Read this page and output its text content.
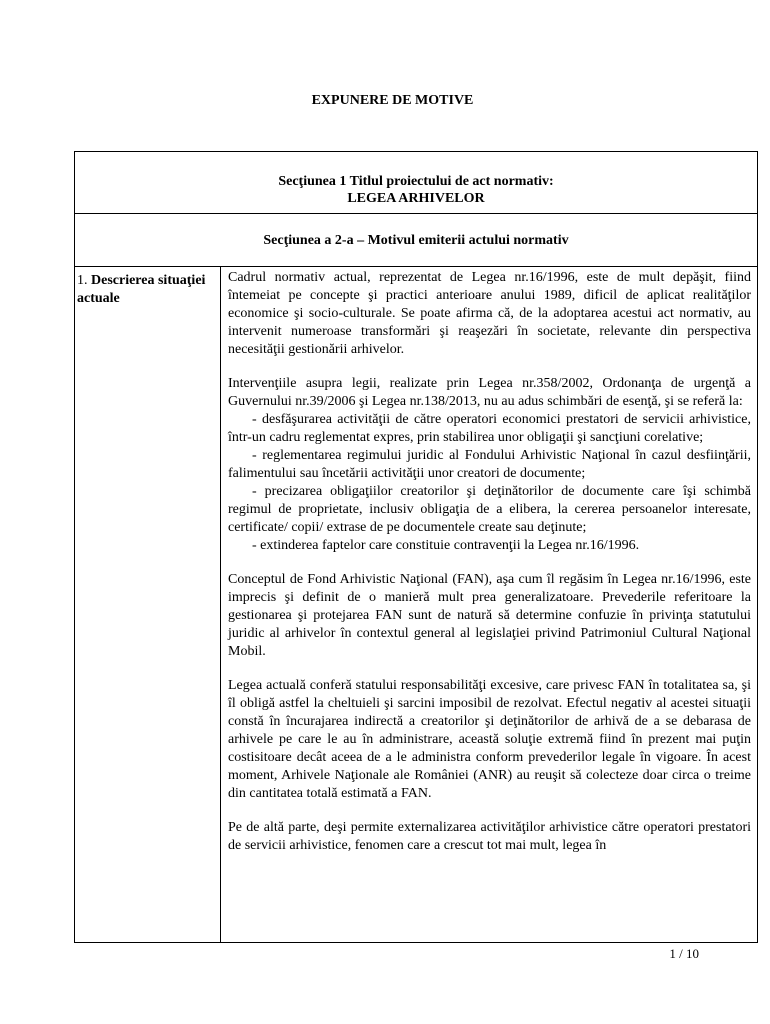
EXPUNERE DE MOTIVE
Secţiunea 1 Titlul proiectului de act normativ:
LEGEA ARHIVELOR
Secţiunea a 2-a – Motivul emiterii actului normativ
1. Descrierea situaţiei actuale

Cadrul normativ actual, reprezentat de Legea nr.16/1996, este de mult depăşit, fiind întemeiat pe concepte şi practici anterioare anului 1989, dificil de aplicat realităţilor economice şi socio-culturale. Se poate afirma că, de la adoptarea acestui act normativ, au intervenit numeroase transformări şi reaşezări în societate, relevante din perspectiva necesităţii gestionării arhivelor.

Intervenţiile asupra legii, realizate prin Legea nr.358/2002, Ordonanţa de urgenţă a Guvernului nr.39/2006 şi Legea nr.138/2013, nu au adus schimbări de esenţă, şi se referă la:

- desfăşurarea activităţii de către operatori economici prestatori de servicii arhivistice, într-un cadru reglementat expres, prin stabilirea unor obligaţii şi sancţiuni corelative;

- reglementarea regimului juridic al Fondului Arhivistic Naţional în cazul desfiinţării, falimentului sau încetării activităţii unor creatori de documente;

- precizarea obligaţiilor creatorilor şi deţinătorilor de documente care îşi schimbă regimul de proprietate, inclusiv obligaţia de a elibera, la cererea persoanelor interesate, certificate/ copii/ extrase de pe documentele create sau deţinute;

- extinderea faptelor care constituie contravenţii la Legea nr.16/1996.

Conceptul de Fond Arhivistic Naţional (FAN), aşa cum îl regăsim în Legea nr.16/1996, este imprecis şi definit de o manieră mult prea generalizatoare. Prevederile referitoare la gestionarea şi protejarea FAN sunt de natură să determine confuzie în privinţa statutului juridic al arhivelor în contextul general al legislaţiei privind Patrimoniul Cultural Naţional Mobil.

Legea actuală conferă statului responsabilităţi excesive, care privesc FAN în totalitatea sa, şi îl obligă astfel la cheltuieli şi sarcini imposibil de rezolvat. Efectul negativ al acestei situaţii constă în încurajarea indirectă a creatorilor şi deţinătorilor de arhivă de a se debarasa de arhivele pe care le au în administrare, această soluţie extremă fiind în prezent mai puţin costisitoare decât aceea de a le administra conform prevederilor legale în vigoare. În acest moment, Arhivele Naţionale ale României (ANR) au reuşit să colecteze doar circa o treime din cantitatea totală estimată a FAN.

Pe de altă parte, deşi permite externalizarea activităţilor arhivistice către operatori prestatori de servicii arhivistice, fenomen care a crescut tot mai mult, legea în

1 / 10
